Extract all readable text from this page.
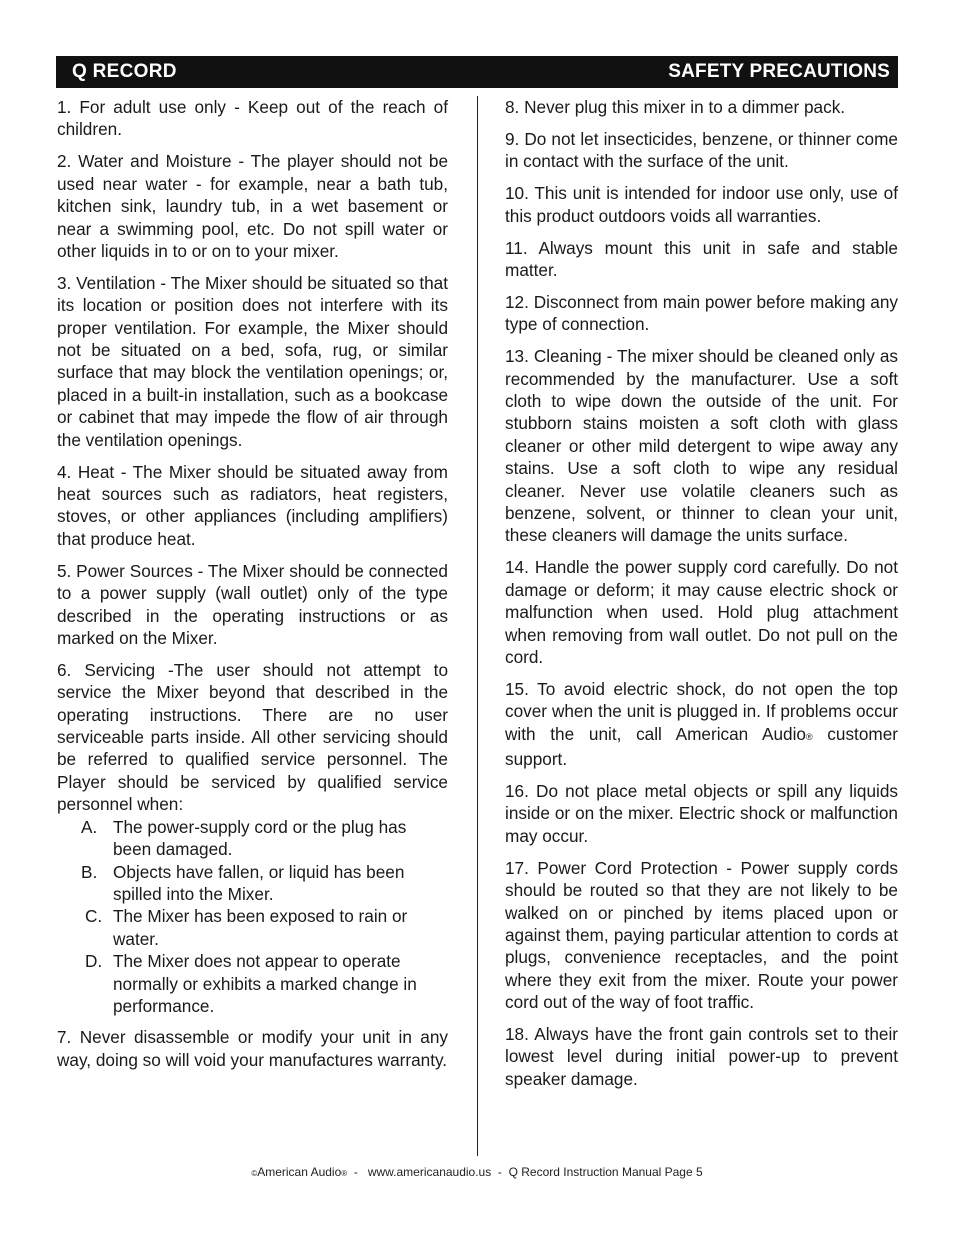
Q RECORD	SAFETY PRECAUTIONS

1. For adult use only - Keep out of the reach of children.

2. Water and Moisture - The player should not be used near water - for example, near a bath tub, kitchen sink, laundry tub, in a wet basement or near a swimming pool, etc. Do not spill water or other liquids in to or on to your mixer.

3. Ventilation - The Mixer should be situated so that its location or position does not interfere with its proper ventilation. For example, the Mixer should not be situated on a bed, sofa, rug, or similar surface that may block the ventilation openings; or, placed in a built-in installation, such as a bookcase or cabinet that may impede the flow of air through the ventilation openings.

4. Heat - The Mixer should be situated away from heat sources such as radiators, heat registers, stoves, or other appliances (including amplifiers) that produce heat.

5. Power Sources - The Mixer should be connected to a power supply (wall outlet) only of the type described in the operating instructions or as marked on the Mixer.

6. Servicing -The user should not attempt to service the Mixer beyond that described in the operating instructions. There are no user serviceable parts inside. All other servicing should be referred to qualified service personnel. The Player should be serviced by qualified service personnel when:

A. The power-supply cord or the plug has been damaged.
B. Objects have fallen, or liquid has been spilled into the Mixer.
C. The Mixer has been exposed to rain or water.
D. The Mixer does not appear to operate normally or exhibits a marked change in performance.

7. Never disassemble or modify your unit in any way, doing so will void your manufactures warranty.

8. Never plug this mixer in to a dimmer pack.

9. Do not let insecticides, benzene, or thinner come in contact with the surface of the unit.

10. This unit is intended for indoor use only, use of this product outdoors voids all warranties.

11. Always mount this unit in safe and stable matter.

12. Disconnect from main power before making any type of connection.

13. Cleaning - The mixer should be cleaned only as recommended by the manufacturer. Use a soft cloth to wipe down the outside of the unit. For stubborn stains moisten a soft cloth with glass cleaner or other mild detergent to wipe away any stains. Use a soft cloth to wipe any residual cleaner. Never use volatile cleaners such as benzene, solvent, or thinner to clean your unit, these cleaners will damage the units surface.

14. Handle the power supply cord carefully. Do not damage or deform; it may cause electric shock or malfunction when used. Hold plug attachment when removing from wall outlet. Do not pull on the cord.

15. To avoid electric shock, do not open the top cover when the unit is plugged in. If problems occur with the unit, call American Audio® customer support.

16. Do not place metal objects or spill any liquids inside or on the mixer. Electric shock or malfunction may occur.

17. Power Cord Protection - Power supply cords should be routed so that they are not likely to be walked on or pinched by items placed upon or against them, paying particular attention to cords at plugs, convenience receptacles, and the point where they exit from the mixer. Route your power cord out of the way of foot traffic.

18. Always have the front gain controls set to their lowest level during initial power-up to prevent speaker damage.

©American Audio®  -   www.americanaudio.us  -  Q Record Instruction Manual Page 5
